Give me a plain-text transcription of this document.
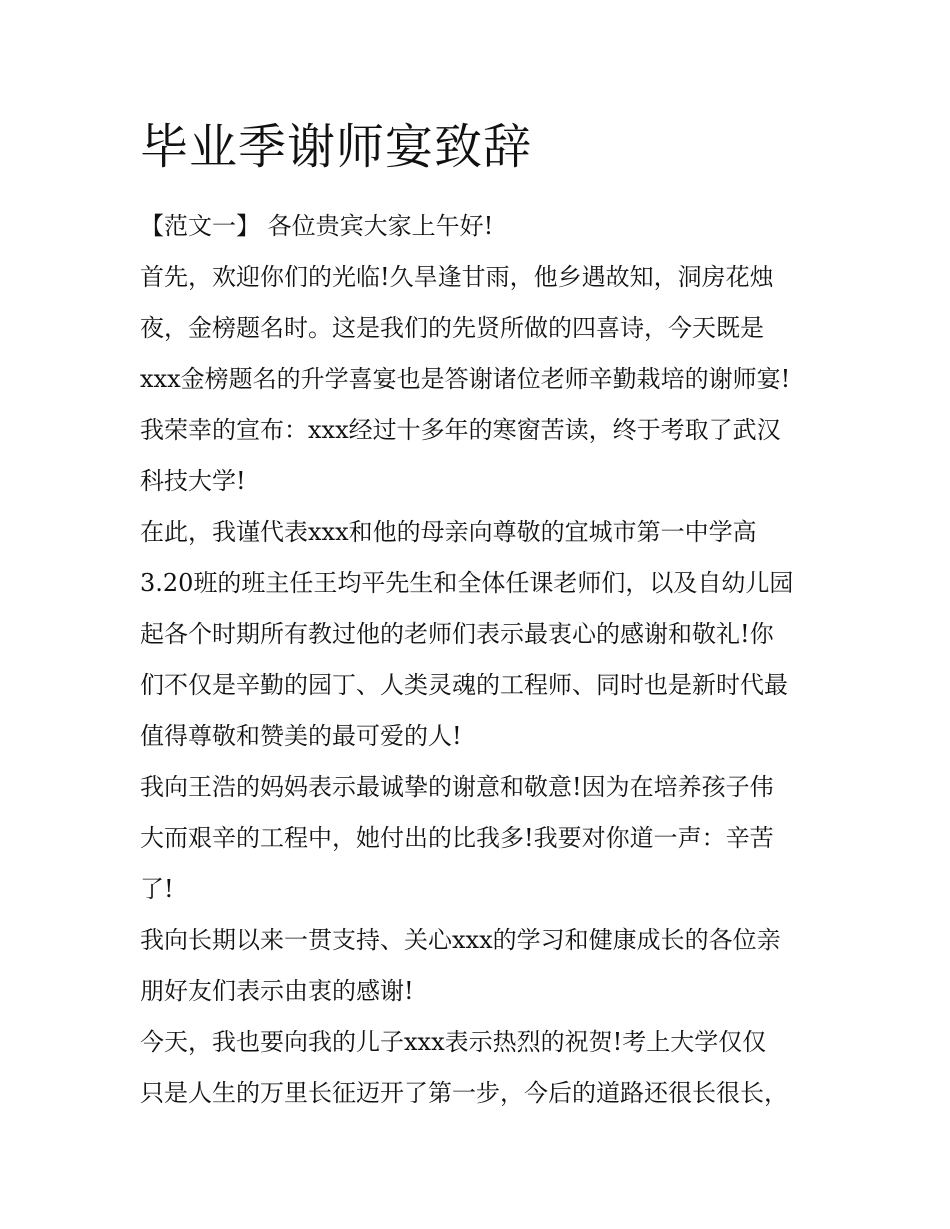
毕业季谢师宴致辞

【范文一】 各位贵宾大家上午好!

首先，欢迎你们的光临!久旱逢甘雨，他乡遇故知，洞房花烛

夜，金榜题名时。这是我们的先贤所做的四喜诗，今天既是

xxx金榜题名的升学喜宴也是答谢诸位老师辛勤栽培的谢师宴!

我荣幸的宣布：xxx经过十多年的寒窗苦读，终于考取了武汉

科技大学!

在此，我谨代表xxx和他的母亲向尊敬的宜城市第一中学高

3.20班的班主任王均平先生和全体任课老师们，以及自幼儿园

起各个时期所有教过他的老师们表示最衷心的感谢和敬礼!你

们不仅是辛勤的园丁、人类灵魂的工程师、同时也是新时代最

值得尊敬和赞美的最可爱的人!

我向王浩的妈妈表示最诚挚的谢意和敬意!因为在培养孩子伟

大而艰辛的工程中，她付出的比我多!我要对你道一声：辛苦

了!

我向长期以来一贯支持、关心xxx的学习和健康成长的各位亲

朋好友们表示由衷的感谢!

今天，我也要向我的儿子xxx表示热烈的祝贺!考上大学仅仅

只是人生的万里长征迈开了第一步，今后的道路还很长很长，
